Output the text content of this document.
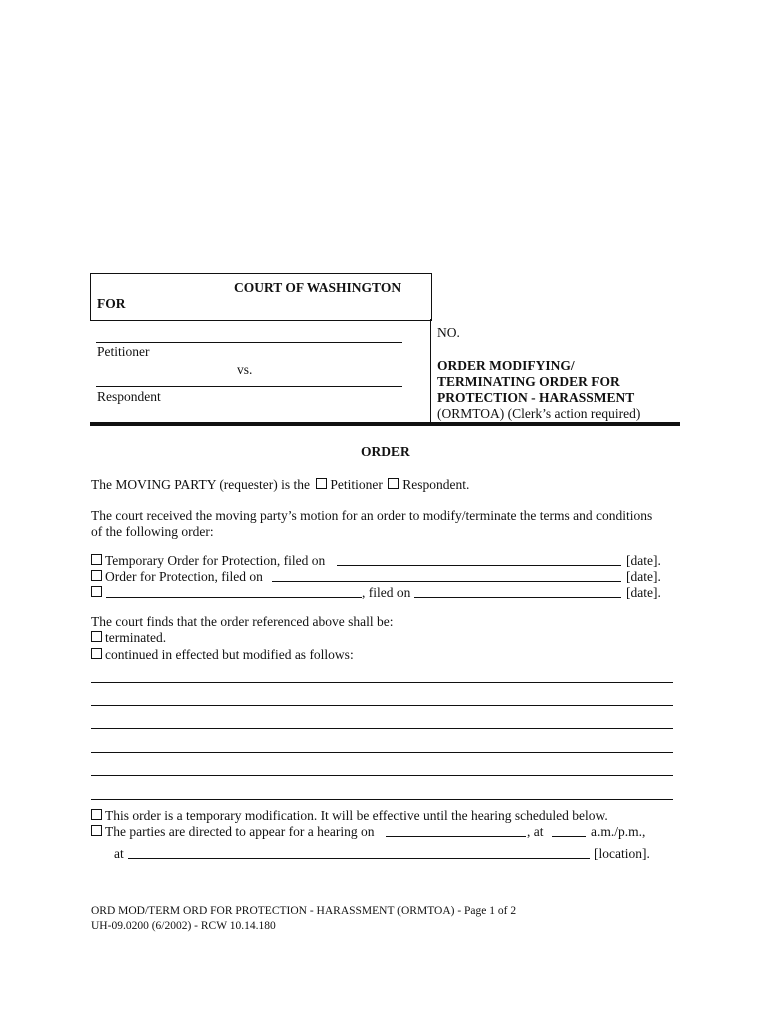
COURT OF WASHINGTON
FOR
Petitioner
vs.
Respondent
NO.
ORDER MODIFYING/
TERMINATING ORDER FOR
PROTECTION - HARASSMENT
(ORMTOA) (Clerk’s action required)
ORDER
The MOVING PARTY (requester) is the Petitioner Respondent.
The court received the moving party’s motion for an order to modify/terminate the terms and conditions
of the following order:
Temporary Order for Protection, filed on	[date].
Order for Protection, filed on	[date].
, filed on	[date].
The court finds that the order referenced above shall be:
terminated.
continued in effected but modified as follows:
This order is a temporary modification. It will be effective until the hearing scheduled below.
The parties are directed to appear for a hearing on	, at	a.m./p.m.,
at	[location].
ORD MOD/TERM ORD FOR PROTECTION - HARASSMENT (ORMTOA) - Page 1 of 2
UH-09.0200 (6/2002) - RCW 10.14.180
